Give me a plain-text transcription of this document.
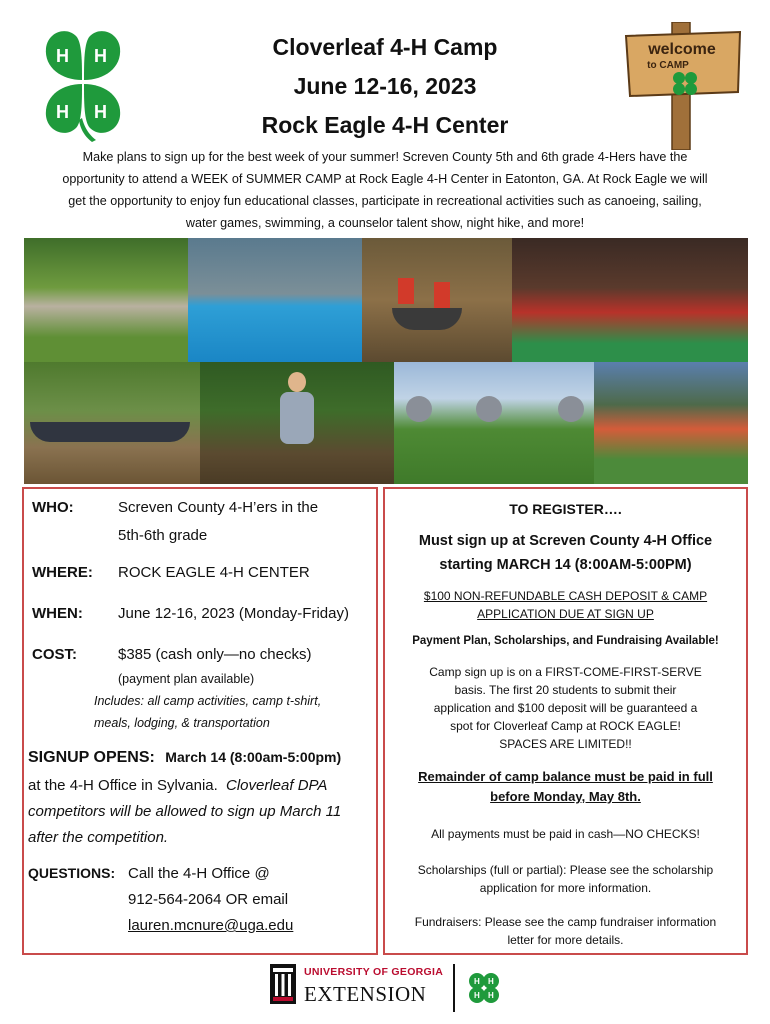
H H
H H
Cloverleaf 4-H Camp
June 12-16, 2023
Rock Eagle 4-H Center
welcome
to CAMP
Make plans to sign up for the best week of your summer! Screven County 5th and 6th grade 4-Hers have the
opportunity to attend a WEEK of SUMMER CAMP at Rock Eagle 4-H Center in Eatonton, GA. At Rock Eagle we will
get the opportunity to enjoy fun educational classes, participate in recreational activities such as canoeing, sailing,
water games, swimming, a counselor talent show, night hike, and more!
WHO:	Screven County 4-H’ers in the
5th-6th grade
WHERE: ROCK EAGLE 4-H CENTER
WHEN: June 12-16, 2023 (Monday-Friday)
COST:	$385 (cash only—no checks)
(payment plan available)
Includes: all camp activities, camp t-shirt,
meals, lodging, & transportation
SIGNUP OPENS: March 14 (8:00am-5:00pm)
at the 4-H Office in Sylvania. Cloverleaf DPA
competitors will be allowed to sign up March 11
after the competition.
QUESTIONS: Call the 4-H Office @
912-564-2064 OR email
lauren.mcnure@uga.edu
TO REGISTER….
Must sign up at Screven County 4-H Office
starting MARCH 14 (8:00AM-5:00PM)
$100 NON-REFUNDABLE CASH DEPOSIT & CAMP
APPLICATION DUE AT SIGN UP
Payment Plan, Scholarships, and Fundraising Available!
Camp sign up is on a FIRST-COME-FIRST-SERVE
basis. The first 20 students to submit their
application and $100 deposit will be guaranteed a
spot for Cloverleaf Camp at ROCK EAGLE!
SPACES ARE LIMITED!!
Remainder of camp balance must be paid in full
before Monday, May 8th.
All payments must be paid in cash—NO CHECKS!
Scholarships (full or partial): Please see the scholarship
application for more information.
Fundraisers: Please see the camp fundraiser information
letter for more details.
UNIVERSITY OF GEORGIA
EXTENSION
H H
H H
